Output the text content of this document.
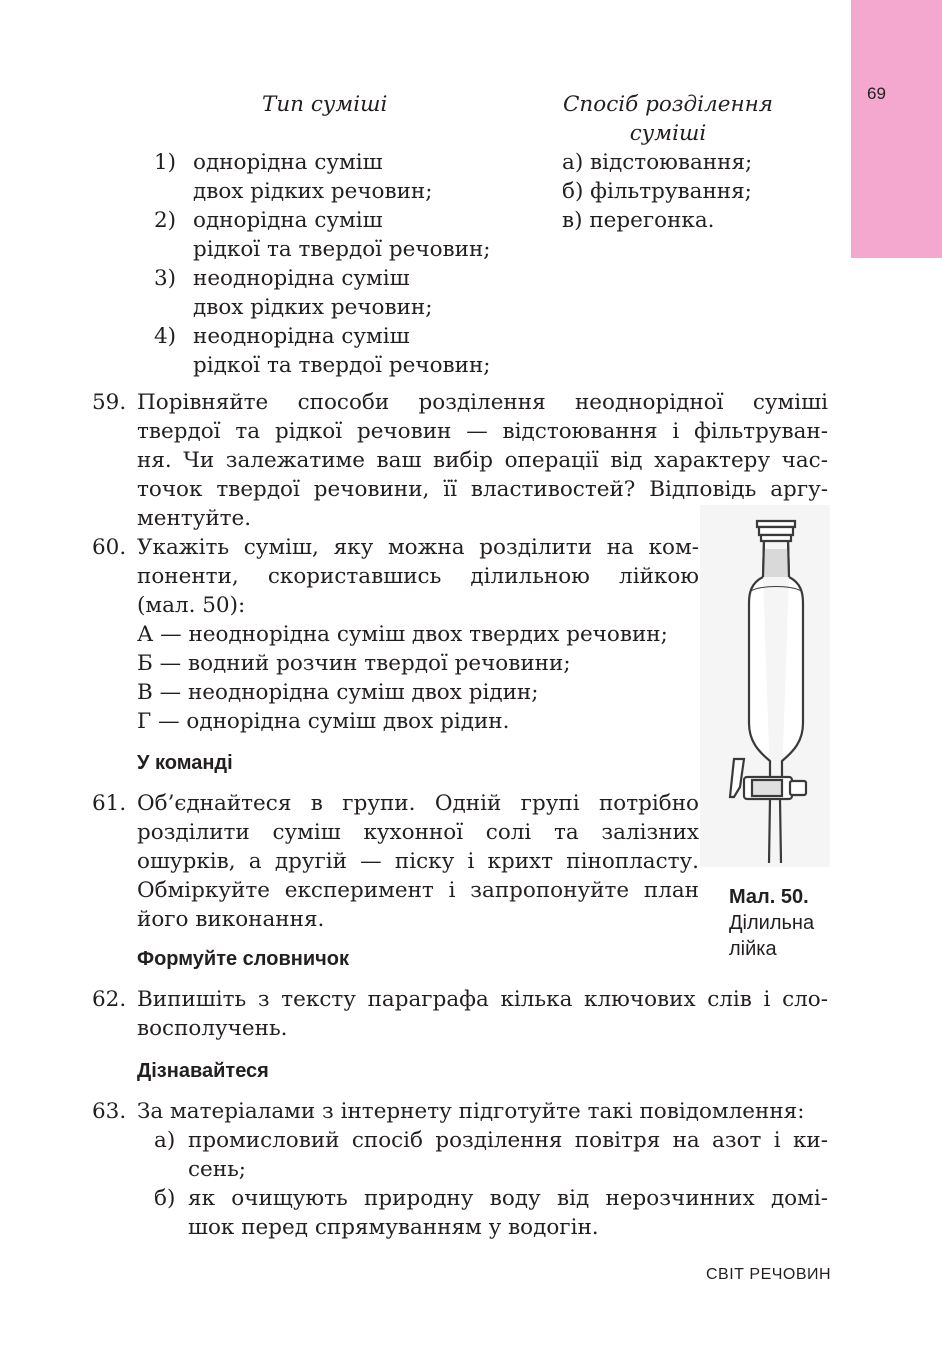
69
Тип суміші	Спосіб розділення
суміші
1) однорідна суміш
двох рідких речовин;
2) однорідна суміш
рідкої та твердої речовин;
3) неоднорідна суміш
двох рідких речовин;
4) неоднорідна суміш
рідкої та твердої речовин;
а) відстоювання;
б) фільтрування;
в) перегонка.
59. Порівняйте способи розділення неоднорідної суміші
твердої та рідкої речовин — відстоювання і фільтруван-
ня. Чи залежатиме ваш вибір операції від характеру час-
точок твердої речовини, її властивостей? Відповідь аргу-
ментуйте.
60. Укажіть суміш, яку можна розділити на ком-
поненти, скориставшись ділильною лійкою
(мал. 50):
А — неоднорідна суміш двох твердих речовин;
Б — водний розчин твердої речовини;
В — неоднорідна суміш двох рідин;
Г — однорідна суміш двох рідин.
У команді
61. Об’єднайтеся в групи. Одній групі потрібно
розділити суміш кухонної солі та залізних
ошурків, а другій — піску і крихт пінопласту.
Обміркуйте експеримент і запропонуйте план
його виконання.
Мал. 50.
Ділильна
лійка
Формуйте словничок
62. Випишіть з тексту параграфа кілька ключових слів і сло-
восполучень.
Дізнавайтеся
63. За матеріалами з інтернету підготуйте такі повідомлення:
а) промисловий спосіб розділення повітря на азот і ки-
сень;
б) як очищують природну воду від нерозчинних домі-
шок перед спрямуванням у водогін.
СВІТ РЕЧОВИН
